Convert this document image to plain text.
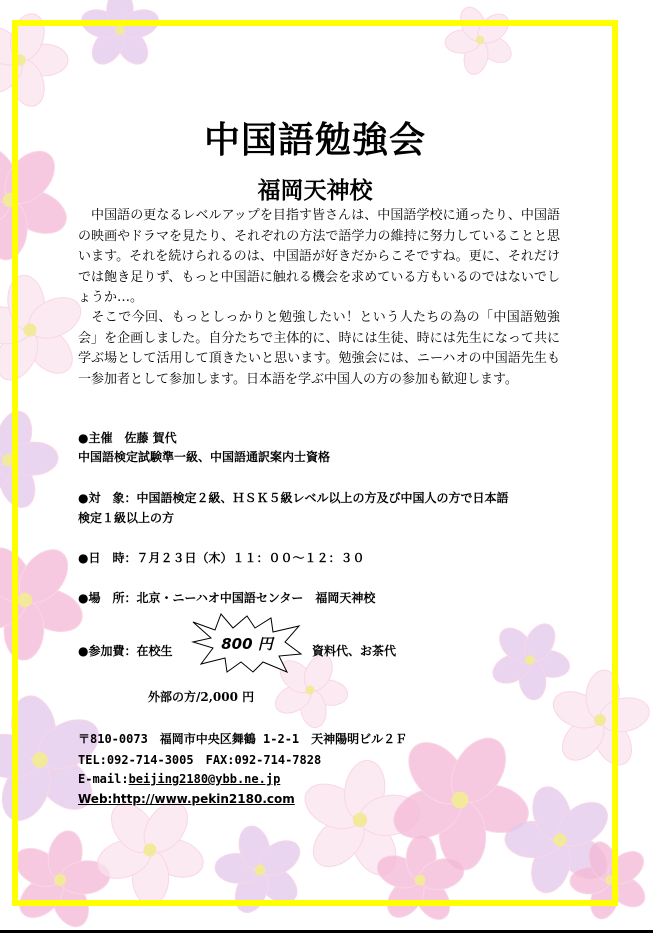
中国語勉強会
福岡天神校

　中国語の更なるレベルアップを目指す皆さんは、中国語学校に通ったり、中国語の映画やドラマを見たり、それぞれの方法で語学力の維持に努力していることと思います。それを続けられるのは、中国語が好きだからこそですね。更に、それだけでは飽き足りず、もっと中国語に触れる機会を求めている方もいるのではないでしょうか…。

　そこで今回、もっとしっかりと勉強したい！という人たちの為の「中国語勉強会」を企画しました。自分たちで主体的に、時には生徒、時には先生になって共に学ぶ場として活用して頂きたいと思います。勉強会には、ニーハオの中国語先生も一参加者として参加します。日本語を学ぶ中国人の方の参加も歓迎します。

●主催　佐藤 賀代
中国語検定試験準一級、中国語通訳案内士資格
●対　象：中国語検定２級、ＨＳＫ５級レベル以上の方及び中国人の方で日本語
検定１級以上の方
●日　時：７月２３日（木）１１：００～１２：３０
●場　所：北京・ニーハオ中国語センター　福岡天神校
●参加費：在校生	800 円	資料代、お茶代
外部の方/2,000 円
〒810-0073　福岡市中央区舞鶴 1-2-1　天神陽明ビル２Ｆ
TEL:092-714-3005　FAX:092-714-7828
E-mail:beijing2180@ybb.ne.jp
Web:http://www.pekin2180.com
